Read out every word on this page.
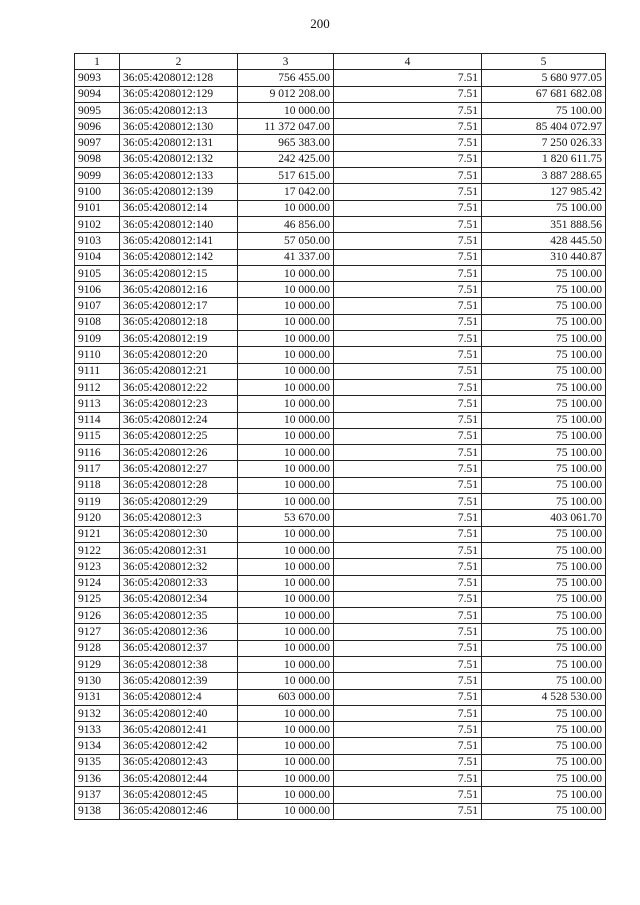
200
1	2	3	4	5
9093	36:05:4208012:128	756 455.00	7.51	5 680 977.05
9094	36:05:4208012:129	9 012 208.00	7.51	67 681 682.08
9095	36:05:4208012:13	10 000.00	7.51	75 100.00
9096	36:05:4208012:130	11 372 047.00	7.51	85 404 072.97
9097	36:05:4208012:131	965 383.00	7.51	7 250 026.33
9098	36:05:4208012:132	242 425.00	7.51	1 820 611.75
9099	36:05:4208012:133	517 615.00	7.51	3 887 288.65
9100	36:05:4208012:139	17 042.00	7.51	127 985.42
9101	36:05:4208012:14	10 000.00	7.51	75 100.00
9102	36:05:4208012:140	46 856.00	7.51	351 888.56
9103	36:05:4208012:141	57 050.00	7.51	428 445.50
9104	36:05:4208012:142	41 337.00	7.51	310 440.87
9105	36:05:4208012:15	10 000.00	7.51	75 100.00
9106	36:05:4208012:16	10 000.00	7.51	75 100.00
9107	36:05:4208012:17	10 000.00	7.51	75 100.00
9108	36:05:4208012:18	10 000.00	7.51	75 100.00
9109	36:05:4208012:19	10 000.00	7.51	75 100.00
9110	36:05:4208012:20	10 000.00	7.51	75 100.00
9111	36:05:4208012:21	10 000.00	7.51	75 100.00
9112	36:05:4208012:22	10 000.00	7.51	75 100.00
9113	36:05:4208012:23	10 000.00	7.51	75 100.00
9114	36:05:4208012:24	10 000.00	7.51	75 100.00
9115	36:05:4208012:25	10 000.00	7.51	75 100.00
9116	36:05:4208012:26	10 000.00	7.51	75 100.00
9117	36:05:4208012:27	10 000.00	7.51	75 100.00
9118	36:05:4208012:28	10 000.00	7.51	75 100.00
9119	36:05:4208012:29	10 000.00	7.51	75 100.00
9120	36:05:4208012:3	53 670.00	7.51	403 061.70
9121	36:05:4208012:30	10 000.00	7.51	75 100.00
9122	36:05:4208012:31	10 000.00	7.51	75 100.00
9123	36:05:4208012:32	10 000.00	7.51	75 100.00
9124	36:05:4208012:33	10 000.00	7.51	75 100.00
9125	36:05:4208012:34	10 000.00	7.51	75 100.00
9126	36:05:4208012:35	10 000.00	7.51	75 100.00
9127	36:05:4208012:36	10 000.00	7.51	75 100.00
9128	36:05:4208012:37	10 000.00	7.51	75 100.00
9129	36:05:4208012:38	10 000.00	7.51	75 100.00
9130	36:05:4208012:39	10 000.00	7.51	75 100.00
9131	36:05:4208012:4	603 000.00	7.51	4 528 530.00
9132	36:05:4208012:40	10 000.00	7.51	75 100.00
9133	36:05:4208012:41	10 000.00	7.51	75 100.00
9134	36:05:4208012:42	10 000.00	7.51	75 100.00
9135	36:05:4208012:43	10 000.00	7.51	75 100.00
9136	36:05:4208012:44	10 000.00	7.51	75 100.00
9137	36:05:4208012:45	10 000.00	7.51	75 100.00
9138	36:05:4208012:46	10 000.00	7.51	75 100.00
